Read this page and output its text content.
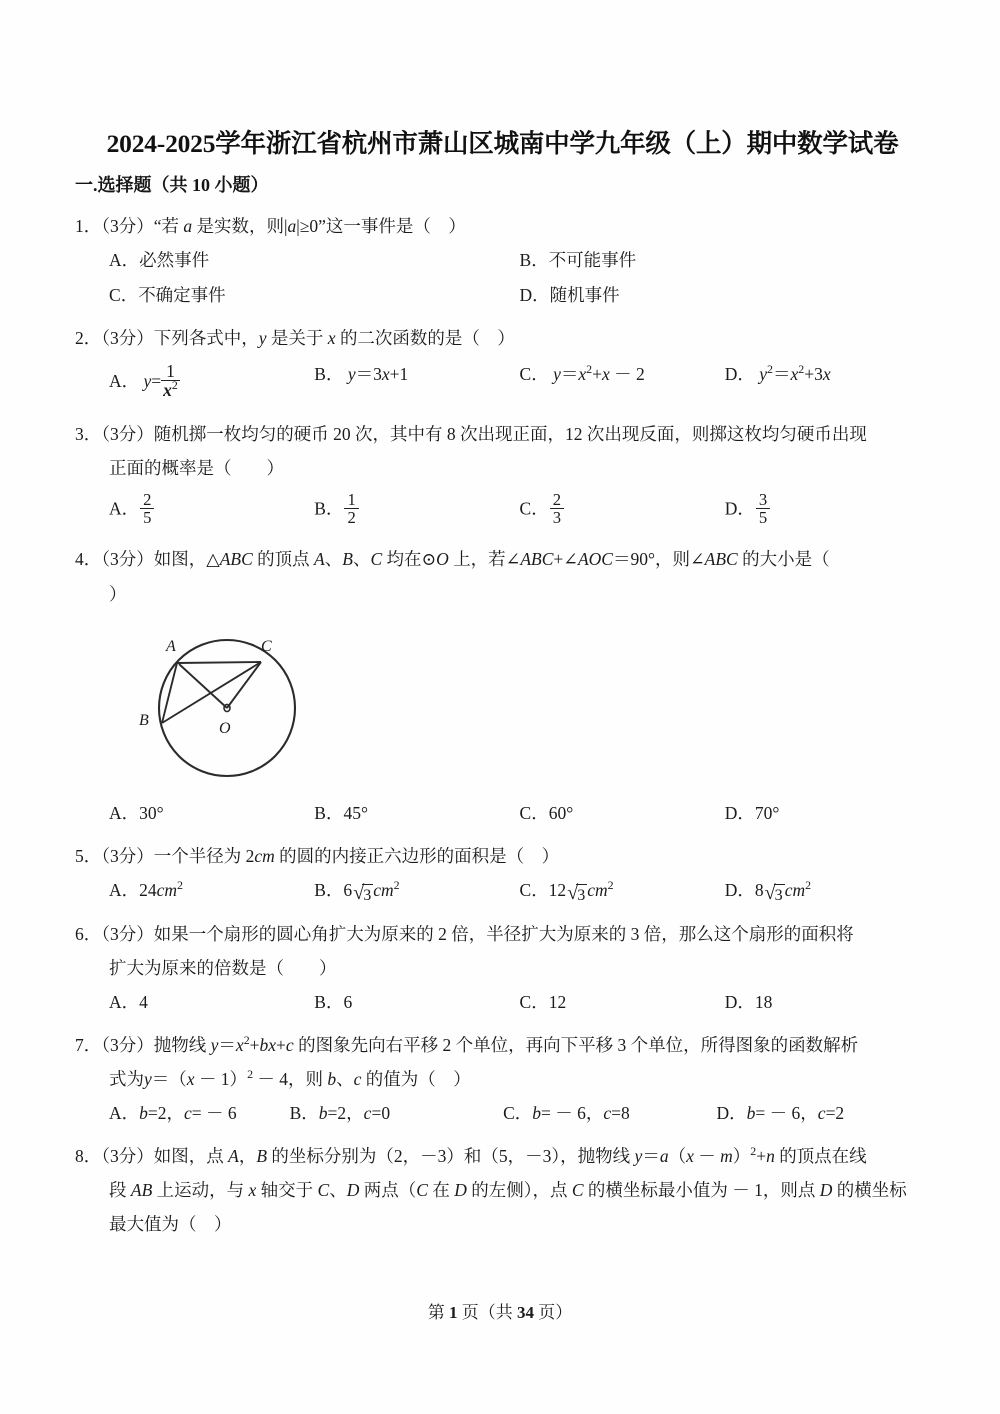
2024-2025学年浙江省杭州市萧山区城南中学九年级（上）期中数学试卷
一.选择题（共 10 小题）
1．（3分）“若 a 是实数，则|a|≥0”这一事件是（    ）
A．必然事件	B．不可能事件
C．不确定事件	D．随机事件
2．（3分）下列各式中，y 是关于 x 的二次函数的是（    ）
A． $y= \frac{1}{x^2}$	B． y＝3x+1	C． $y=x^2+x - 2$	D． $y^2=x^2+3x$
3．（3分）随机掷一枚均匀的硬币 20 次，其中有 8 次出现正面，12 次出现反面，则掷这枚均匀硬币出现
正面的概率是（　　）
A． $\frac{2}{5}$	B． $\frac{1}{2}$	C． $\frac{2}{3}$	D． $\frac{3}{5}$
4．（3分）如图，△ABC 的顶点 A、B、C 均在⊙O 上，若∠ABC+∠AOC＝90°，则∠ABC 的大小是（
）
A	C
B	O
A．30°	B．45°	C．60°	D．70°
5．（3分）一个半径为 2cm 的圆的内接正六边形的面积是（    ）
A．$24cm^2$	B．6 √
3 $cm^2$	C．12 √
3 $cm^2$	D．8 √
3 $cm^2$
6．（3分）如果一个扇形的圆心角扩大为原来的 2 倍，半径扩大为原来的 3 倍，那么这个扇形的面积将
扩大为原来的倍数是（　　）
A．4	B．6	C．12	D．18
7．（3分）抛物线 $y=x^2+bx+c$ 的图象先向右平移 2 个单位，再向下平移 3 个单位，所得图象的函数解析
式为$y=(x - 1)^2 - 4$，则 b、c 的值为（    ）
A．b=2，c= － 6	B．b=2，c=0	C．b= － 6，c=8	D．b= － 6，c=2
8．（3分）如图，点 A，B 的坐标分别为（2，－3）和（5，－3），抛物线 $y=a(x - m)^2+n$ 的顶点在线
段 AB 上运动，与 x 轴交于 C、D 两点（C 在 D 的左侧），点 C 的横坐标最小值为 － 1，则点 D 的横坐标
最大值为（    ）
第 1 页（共 34 页）
